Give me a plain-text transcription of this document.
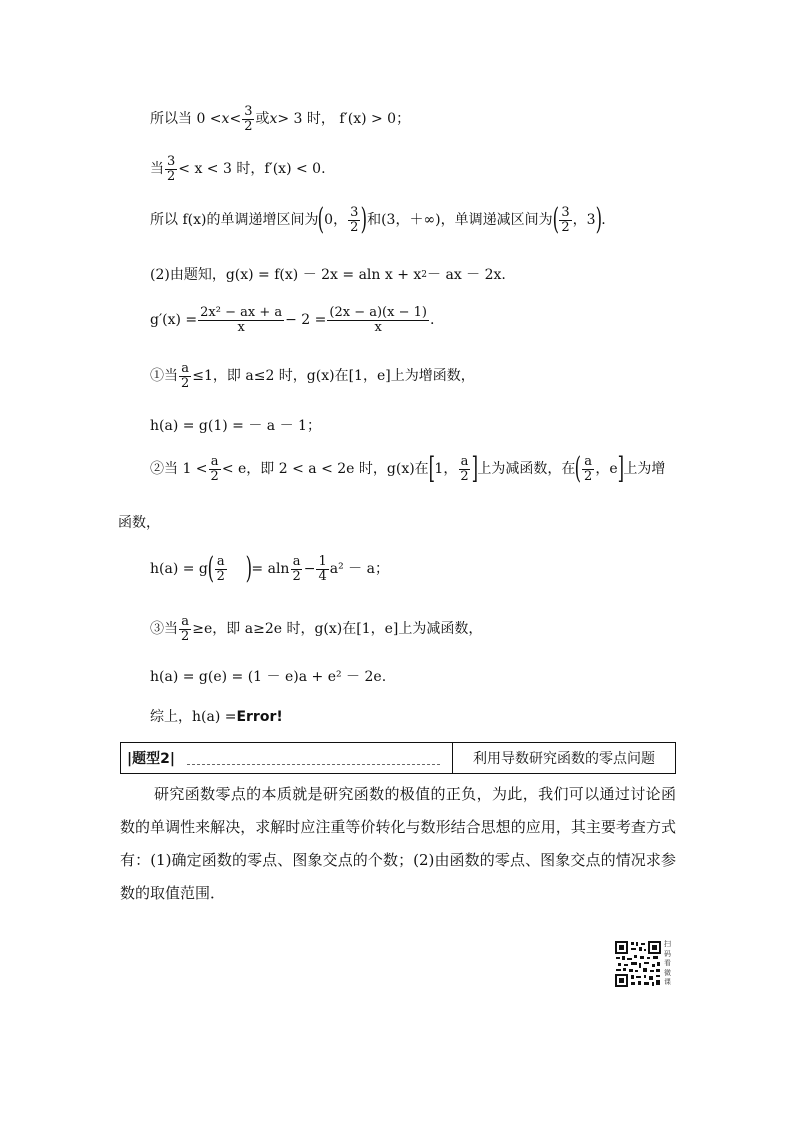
所以当 $0 < x < \frac{3}{2}$ 或 x > 3 时，
f′(x) > 0；
当 $\frac{3}{2} < x < 3$ 时，f′(x) < 0.
所以 f(x)的单调递增区间为 ( 0， $\frac{3}{2}$ ) 和(3，＋∞)，单调递减区间为 ( $\frac{3}{2}$ ，3 ) .
(2)由题知，g(x) = f(x) － 2x = aln x + x 2 － ax － 2x.
$g'(x) = \frac{\text{2x² − ax + a}}{x} - 2 = \frac{(2x - a)(x - 1)}{x}$ .
①当 $\frac{a}{2} \le 1$，即 a≤2 时，g(x)在[1，e]上为增函数，
h(a) = g(1) = － a － 1；
②当 $1 < \frac{a}{2} < e$，即 2 < a < 2e 时，g(x)在 [ 1， $\frac{a}{2}$ ] 上为减函数，在 ( $\frac{a}{2}$ ，e ] 上为增
函数，
h(a) = g ( $\frac{a}{2}$
) = aln $\frac{a}{2} - \frac{1}{4} a^2 - a$；
③当 $\frac{a}{2} \ge e$，即 a≥2e 时，g(x)在[1，e]上为减函数，
h(a) = g(e) = (1 － e)a + e² － 2e.
综上，h(a) = Error!
|题型2|	利用导数研究函数的零点问题
研究函数零点的本质就是研究函数的极值的正负，为此，我们可以通过讨论函数的单调性来解决，求解时应注重等价转化与数形结合思想的应用，其主要考查方式有：(1)确定函数的零点、图象交点的个数；(2)由函数的零点、图象交点的情况求参数的取值范围．
扫码看微课
